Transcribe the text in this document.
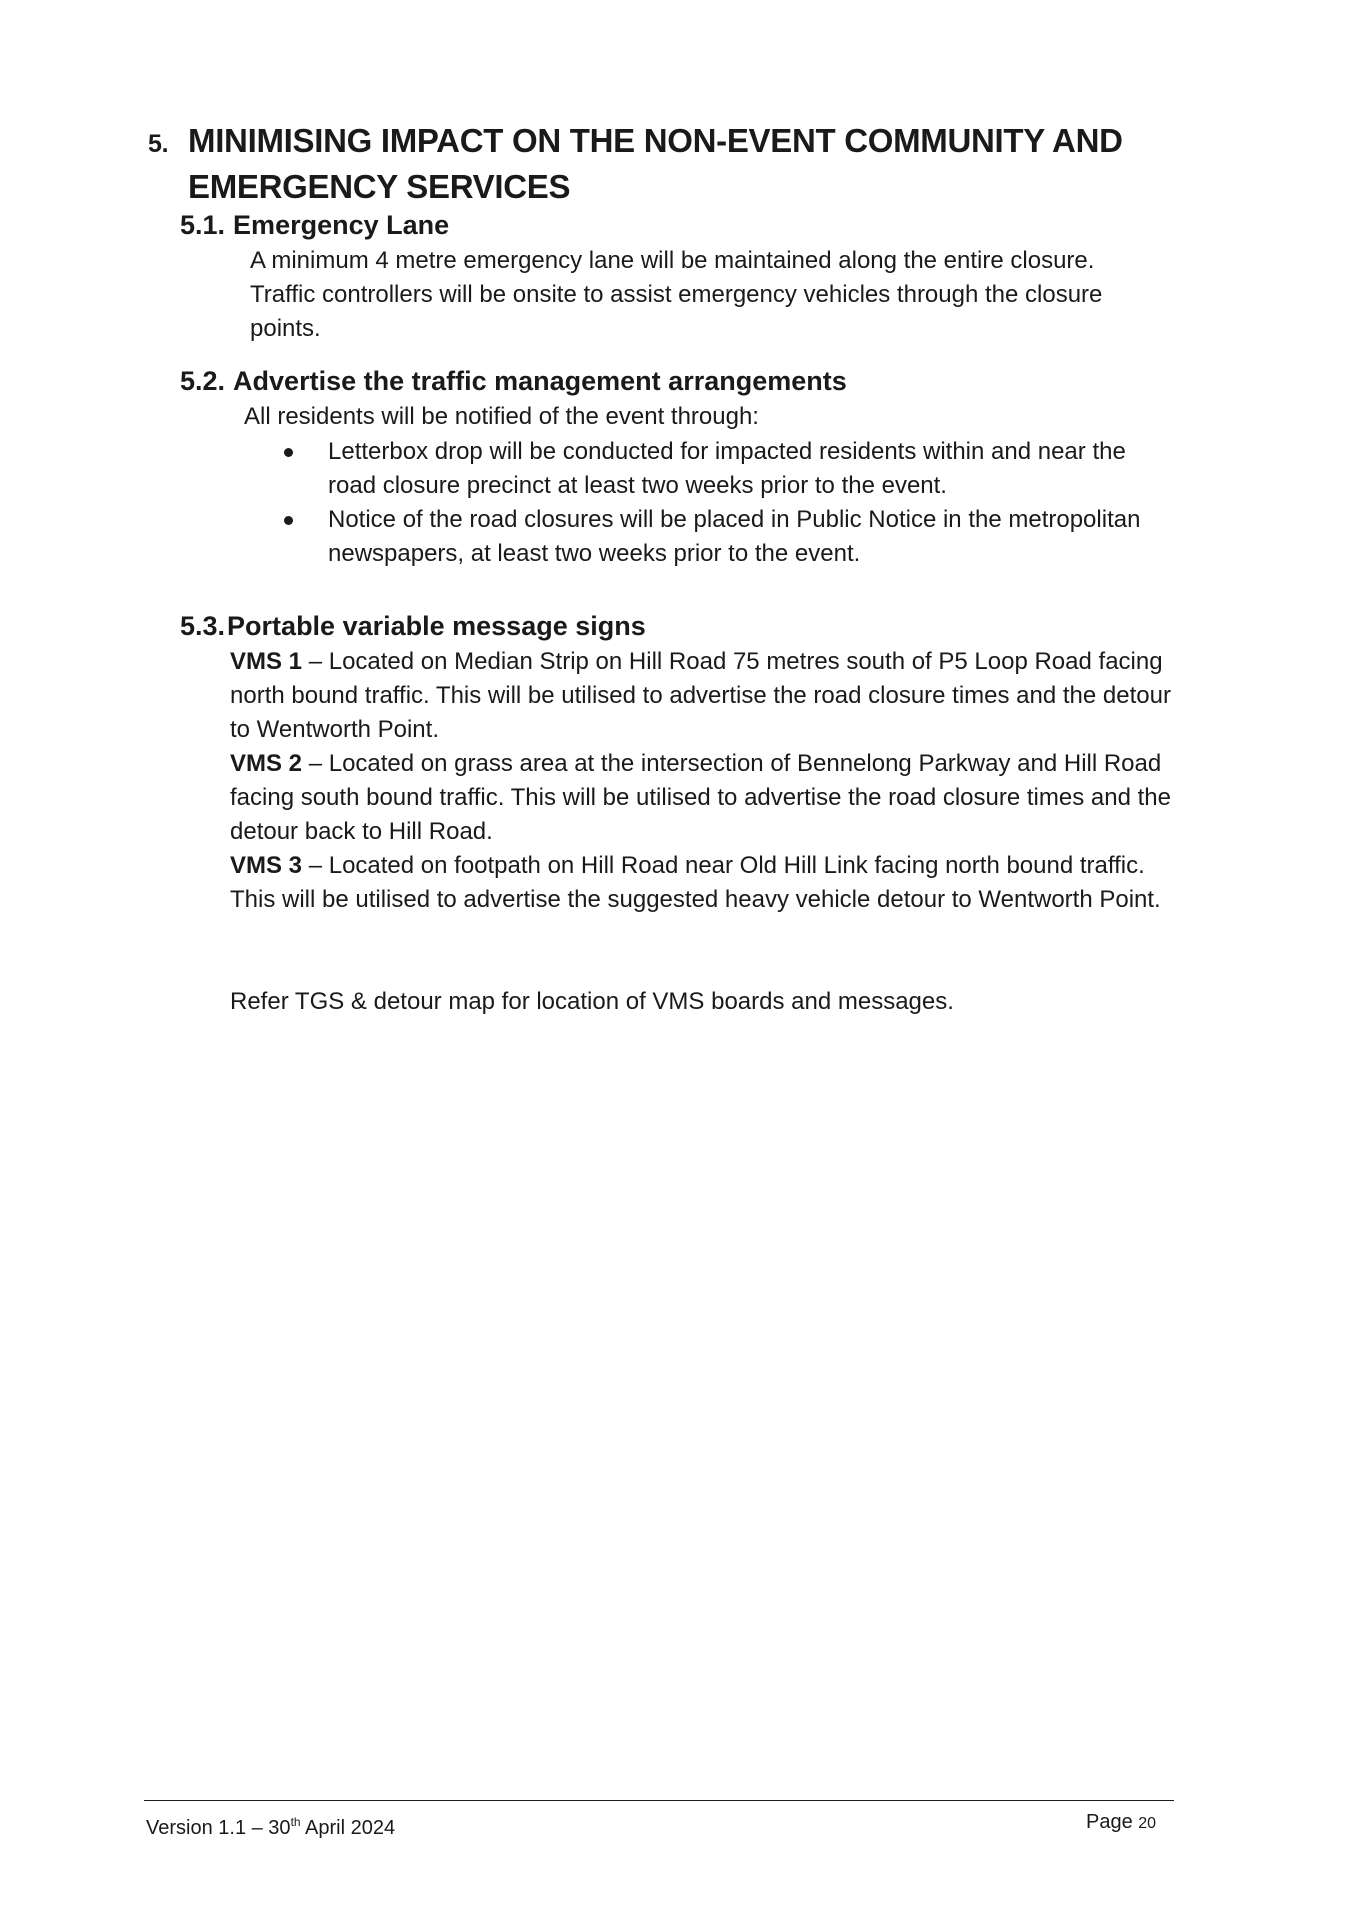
5. MINIMISING IMPACT ON THE NON-EVENT COMMUNITY AND
EMERGENCY SERVICES
5.1. Emergency Lane
A minimum 4 metre emergency lane will be maintained along the entire closure.
Traffic controllers will be onsite to assist emergency vehicles through the closure
points.
5.2. Advertise the traffic management arrangements
All residents will be notified of the event through:
Letterbox drop will be conducted for impacted residents within and near the road closure precinct at least two weeks prior to the event.
Notice of the road closures will be placed in Public Notice in the metropolitan newspapers, at least two weeks prior to the event.
5.3.Portable variable message signs

VMS 1 – Located on Median Strip on Hill Road 75 metres south of P5 Loop Road facing north bound traffic. This will be utilised to advertise the road closure times and the detour to Wentworth Point.

VMS 2 – Located on grass area at the intersection of Bennelong Parkway and Hill Road facing south bound traffic. This will be utilised to advertise the road closure times and the detour back to Hill Road.

VMS 3 – Located on footpath on Hill Road near Old Hill Link facing north bound traffic. This will be utilised to advertise the suggested heavy vehicle detour to Wentworth Point.

Refer TGS & detour map for location of VMS boards and messages.
Version 1.1 – 30th April 2024	Page 20
